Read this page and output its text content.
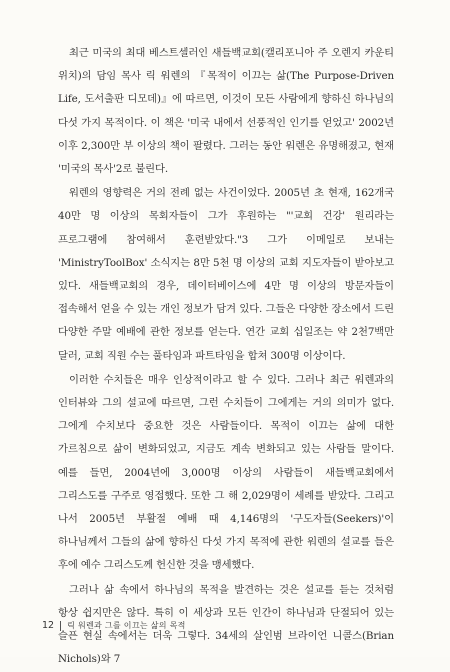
최근 미국의 최대 베스트셀러인 새들백교회(캘리포니아 주 오렌지 카운티 위치)의 담임 목사 릭 워렌의 『목적이 이끄는 삶(The Purpose-Driven Life, 도서출판 디모데)』에 따르면, 이것이 모든 사람에게 향하신 하나님의 다섯 가지 목적이다. 이 책은 '미국 내에서 선풍적인 인기를 얻었고' 2002년 이후 2,300만 부 이상의 책이 팔렸다. 그러는 동안 워렌은 유명해졌고, 현재 '미국의 목사'2로 불린다.

워렌의 영향력은 거의 전례 없는 사건이었다. 2005년 초 현재, 162개국 40만 명 이상의 목회자들이 그가 후원하는 "'교회 건강' 원리라는 프로그램에 참여해서 훈련받았다."3 그가 이메일로 보내는 'MinistryToolBox' 소식지는 8만 5천 명 이상의 교회 지도자들이 받아보고 있다. 새들백교회의 경우, 데이터베이스에 4만 명 이상의 방문자들이 접속해서 얻을 수 있는 개인 정보가 담겨 있다. 그들은 다양한 장소에서 드린 다양한 주말 예배에 관한 정보를 얻는다. 연간 교회 십일조는 약 2천7백만 달러, 교회 직원 수는 풀타임과 파트타임을 합쳐 300명 이상이다.

이러한 수치들은 매우 인상적이라고 할 수 있다. 그러나 최근 워렌과의 인터뷰와 그의 설교에 따르면, 그런 수치들이 그에게는 거의 의미가 없다. 그에게 수치보다 중요한 것은 사람들이다. 목적이 이끄는 삶에 대한 가르침으로 삶이 변화되었고, 지금도 계속 변화되고 있는 사람들 말이다. 예를 들면, 2004년에 3,000명 이상의 사람들이 새들백교회에서 그리스도를 구주로 영접했다. 또한 그 해 2,029명이 세례를 받았다. 그리고 나서 2005년 부활절 예배 때 4,146명의 '구도자들(Seekers)'이 하나님께서 그들의 삶에 향하신 다섯 가지 목적에 관한 워렌의 설교를 들은 후에 예수 그리스도께 헌신한 것을 맹세했다.

그러나 삶 속에서 하나님의 목적을 발견하는 것은 설교를 듣는 것처럼 항상 쉽지만은 않다. 특히 이 세상과 모든 인간이 하나님과 단절되어 있는 슬픈 현실 속에서는 더욱 그렇다. 34세의 살인범 브라이언 니콜스(Brian Nichols)와 7

12 릭 워렌과 그를 이끄는 삶의 목적
